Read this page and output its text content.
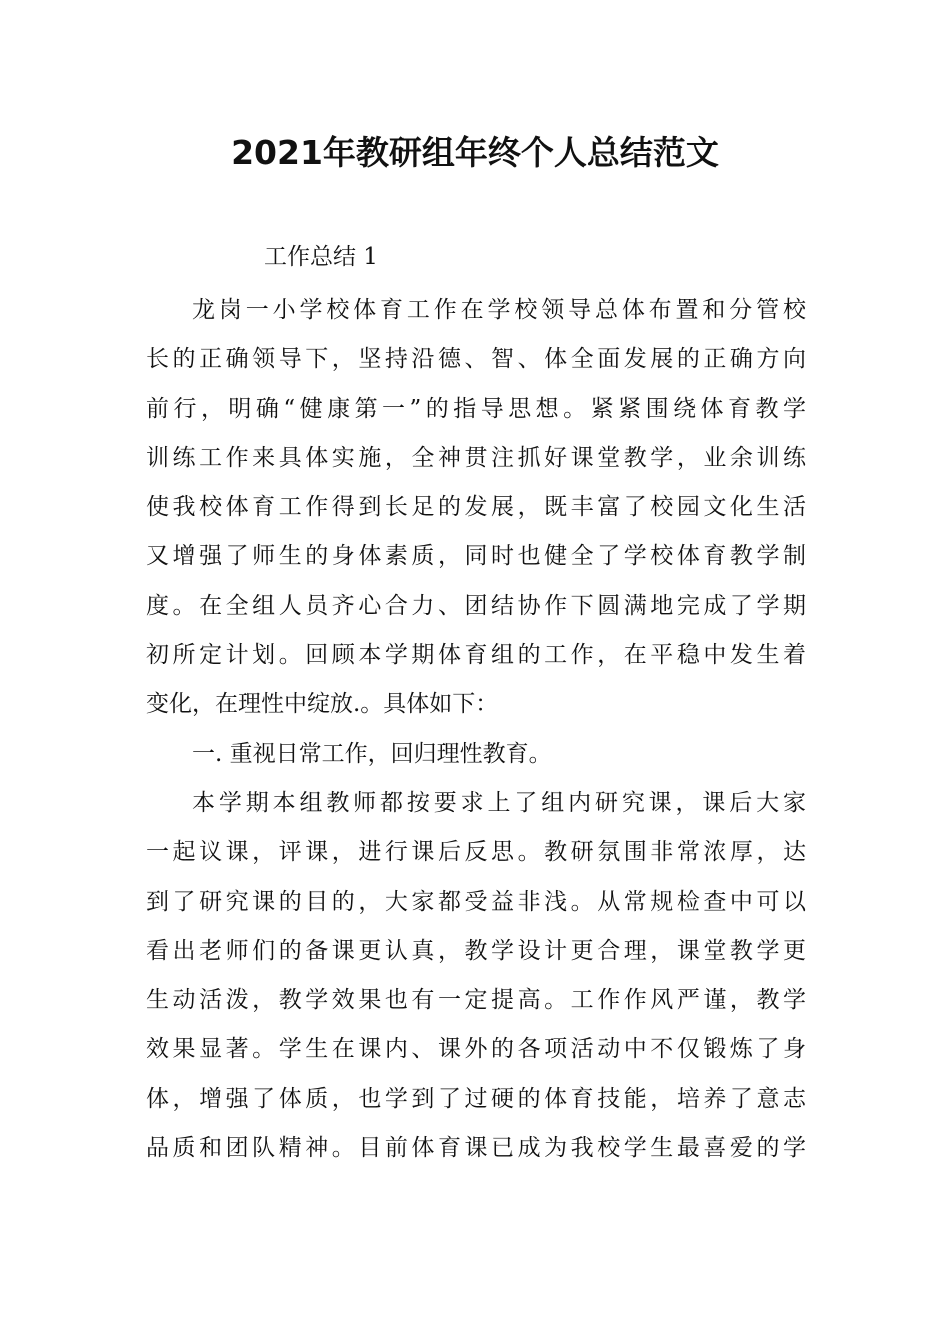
2021年教研组年终个人总结范文
工作总结 1
龙岗一小学校体育工作在学校领导总体布置和分管校
长的正确领导下，坚持沿德、智、体全面发展的正确方向
前行，明确“健康第一”的指导思想。紧紧围绕体育教学
训练工作来具体实施，全神贯注抓好课堂教学，业余训练
使我校体育工作得到长足的发展，既丰富了校园文化生活
又增强了师生的身体素质，同时也健全了学校体育教学制
度。在全组人员齐心合力、团结协作下圆满地完成了学期
初所定计划。回顾本学期体育组的工作，在平稳中发生着
变化，在理性中绽放.。具体如下：
一. 重视日常工作，回归理性教育。
本学期本组教师都按要求上了组内研究课，课后大家
一起议课，评课，进行课后反思。教研氛围非常浓厚，达
到了研究课的目的，大家都受益非浅。从常规检查中可以
看出老师们的备课更认真，教学设计更合理，课堂教学更
生动活泼，教学效果也有一定提高。工作作风严谨，教学
效果显著。学生在课内、课外的各项活动中不仅锻炼了身
体，增强了体质，也学到了过硬的体育技能，培养了意志
品质和团队精神。目前体育课已成为我校学生最喜爱的学
